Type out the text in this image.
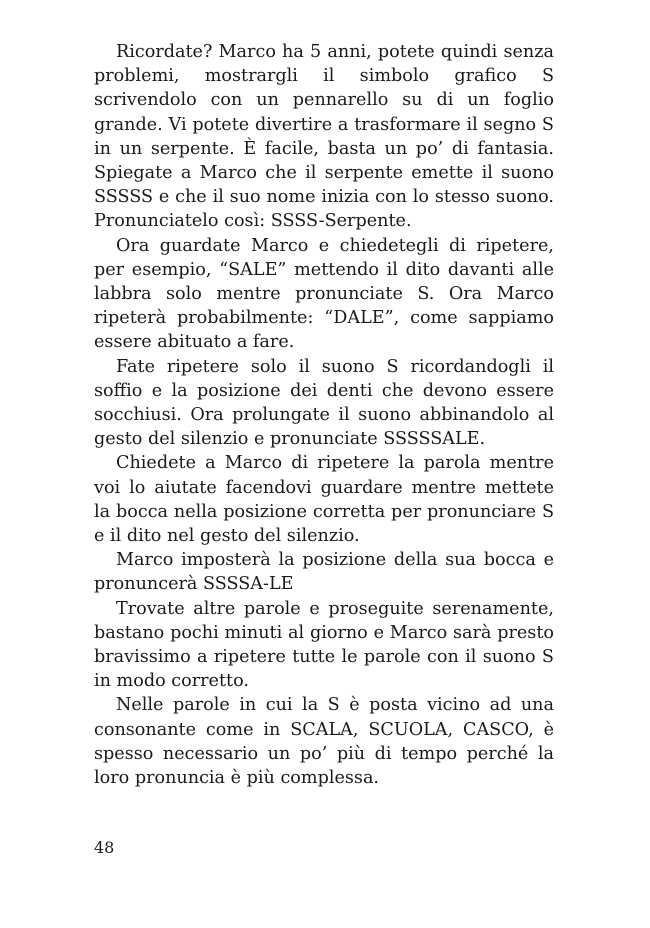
Ricordate? Marco ha 5 anni, potete quindi senza problemi, mostrargli il simbolo grafico S scrivendolo con un pennarello su di un foglio grande. Vi potete divertire a trasformare il segno S in un serpente. È facile, basta un po’ di fantasia. Spiegate a Marco che il serpente emette il suono SSSSS e che il suo nome inizia con lo stesso suono. Pronunciatelo così: SSSS-Serpente.

Ora guardate Marco e chiedetegli di ripetere, per esempio, “SALE” mettendo il dito davanti alle labbra solo mentre pronunciate S. Ora Marco ripeterà probabilmente: “DALE”, come sappiamo essere abituato a fare.

Fate ripetere solo il suono S ricordandogli il soffio e la posizione dei denti che devono essere socchiusi. Ora prolungate il suono abbinandolo al gesto del silenzio e pronunciate SSSSSALE.

Chiedete a Marco di ripetere la parola mentre voi lo aiutate facendovi guardare mentre mettete la bocca nella posizione corretta per pronunciare S e il dito nel gesto del silenzio.

Marco imposterà la posizione della sua bocca e pronuncerà SSSSA-LE

Trovate altre parole e proseguite serenamente, bastano pochi minuti al giorno e Marco sarà presto bravissimo a ripetere tutte le parole con il suono S in modo corretto.

Nelle parole in cui la S è posta vicino ad una consonante come in SCALA, SCUOLA, CASCO, è spesso necessario un po’ più di tempo perché la loro pronuncia è più complessa.

48
